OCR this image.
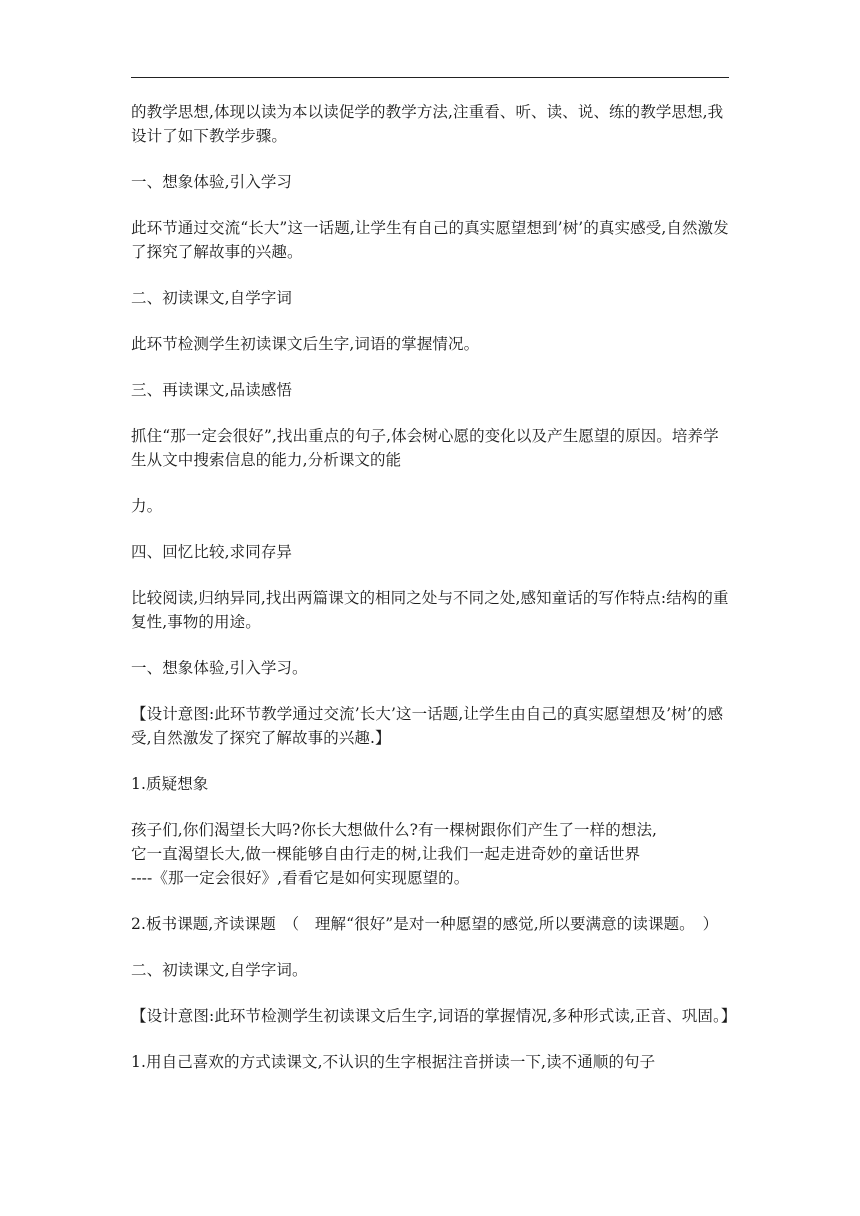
的教学思想,体现以读为本以读促学的教学方法,注重看、听、读、说、练的教学思想,我设计了如下教学步骤。

一、想象体验,引入学习

此环节通过交流“长大”这一话题,让学生有自己的真实愿望想到’树’的真实感受,自然激发了探究了解故事的兴趣。

二、初读课文,自学字词

此环节检测学生初读课文后生字,词语的掌握情况。

三、再读课文,品读感悟

抓住“那一定会很好”,找出重点的句子,体会树心愿的变化以及产生愿望的原因。培养学生从文中搜索信息的能力,分析课文的能

力。

四、回忆比较,求同存异

比较阅读,归纳异同,找出两篇课文的相同之处与不同之处,感知童话的写作特点:结构的重复性,事物的用途。

一、想象体验,引入学习。

【设计意图:此环节教学通过交流’长大’这一话题,让学生由自己的真实愿望想及’树’的感受,自然激发了探究了解故事的兴趣.】

1.质疑想象

孩子们,你们渴望长大吗?你长大想做什么?有一棵树跟你们产生了一样的想法,
它一直渴望长大,做一棵能够自由行走的树,让我们一起走进奇妙的童话世界
----《那一定会很好》,看看它是如何实现愿望的。

2.板书课题,齐读课题　（　理解“很好”是对一种愿望的感觉,所以要满意的读课题。　）

二、初读课文,自学字词。

【设计意图:此环节检测学生初读课文后生字,词语的掌握情况,多种形式读,正音、巩固。】

1.用自己喜欢的方式读课文,不认识的生字根据注音拼读一下,读不通顺的句子
